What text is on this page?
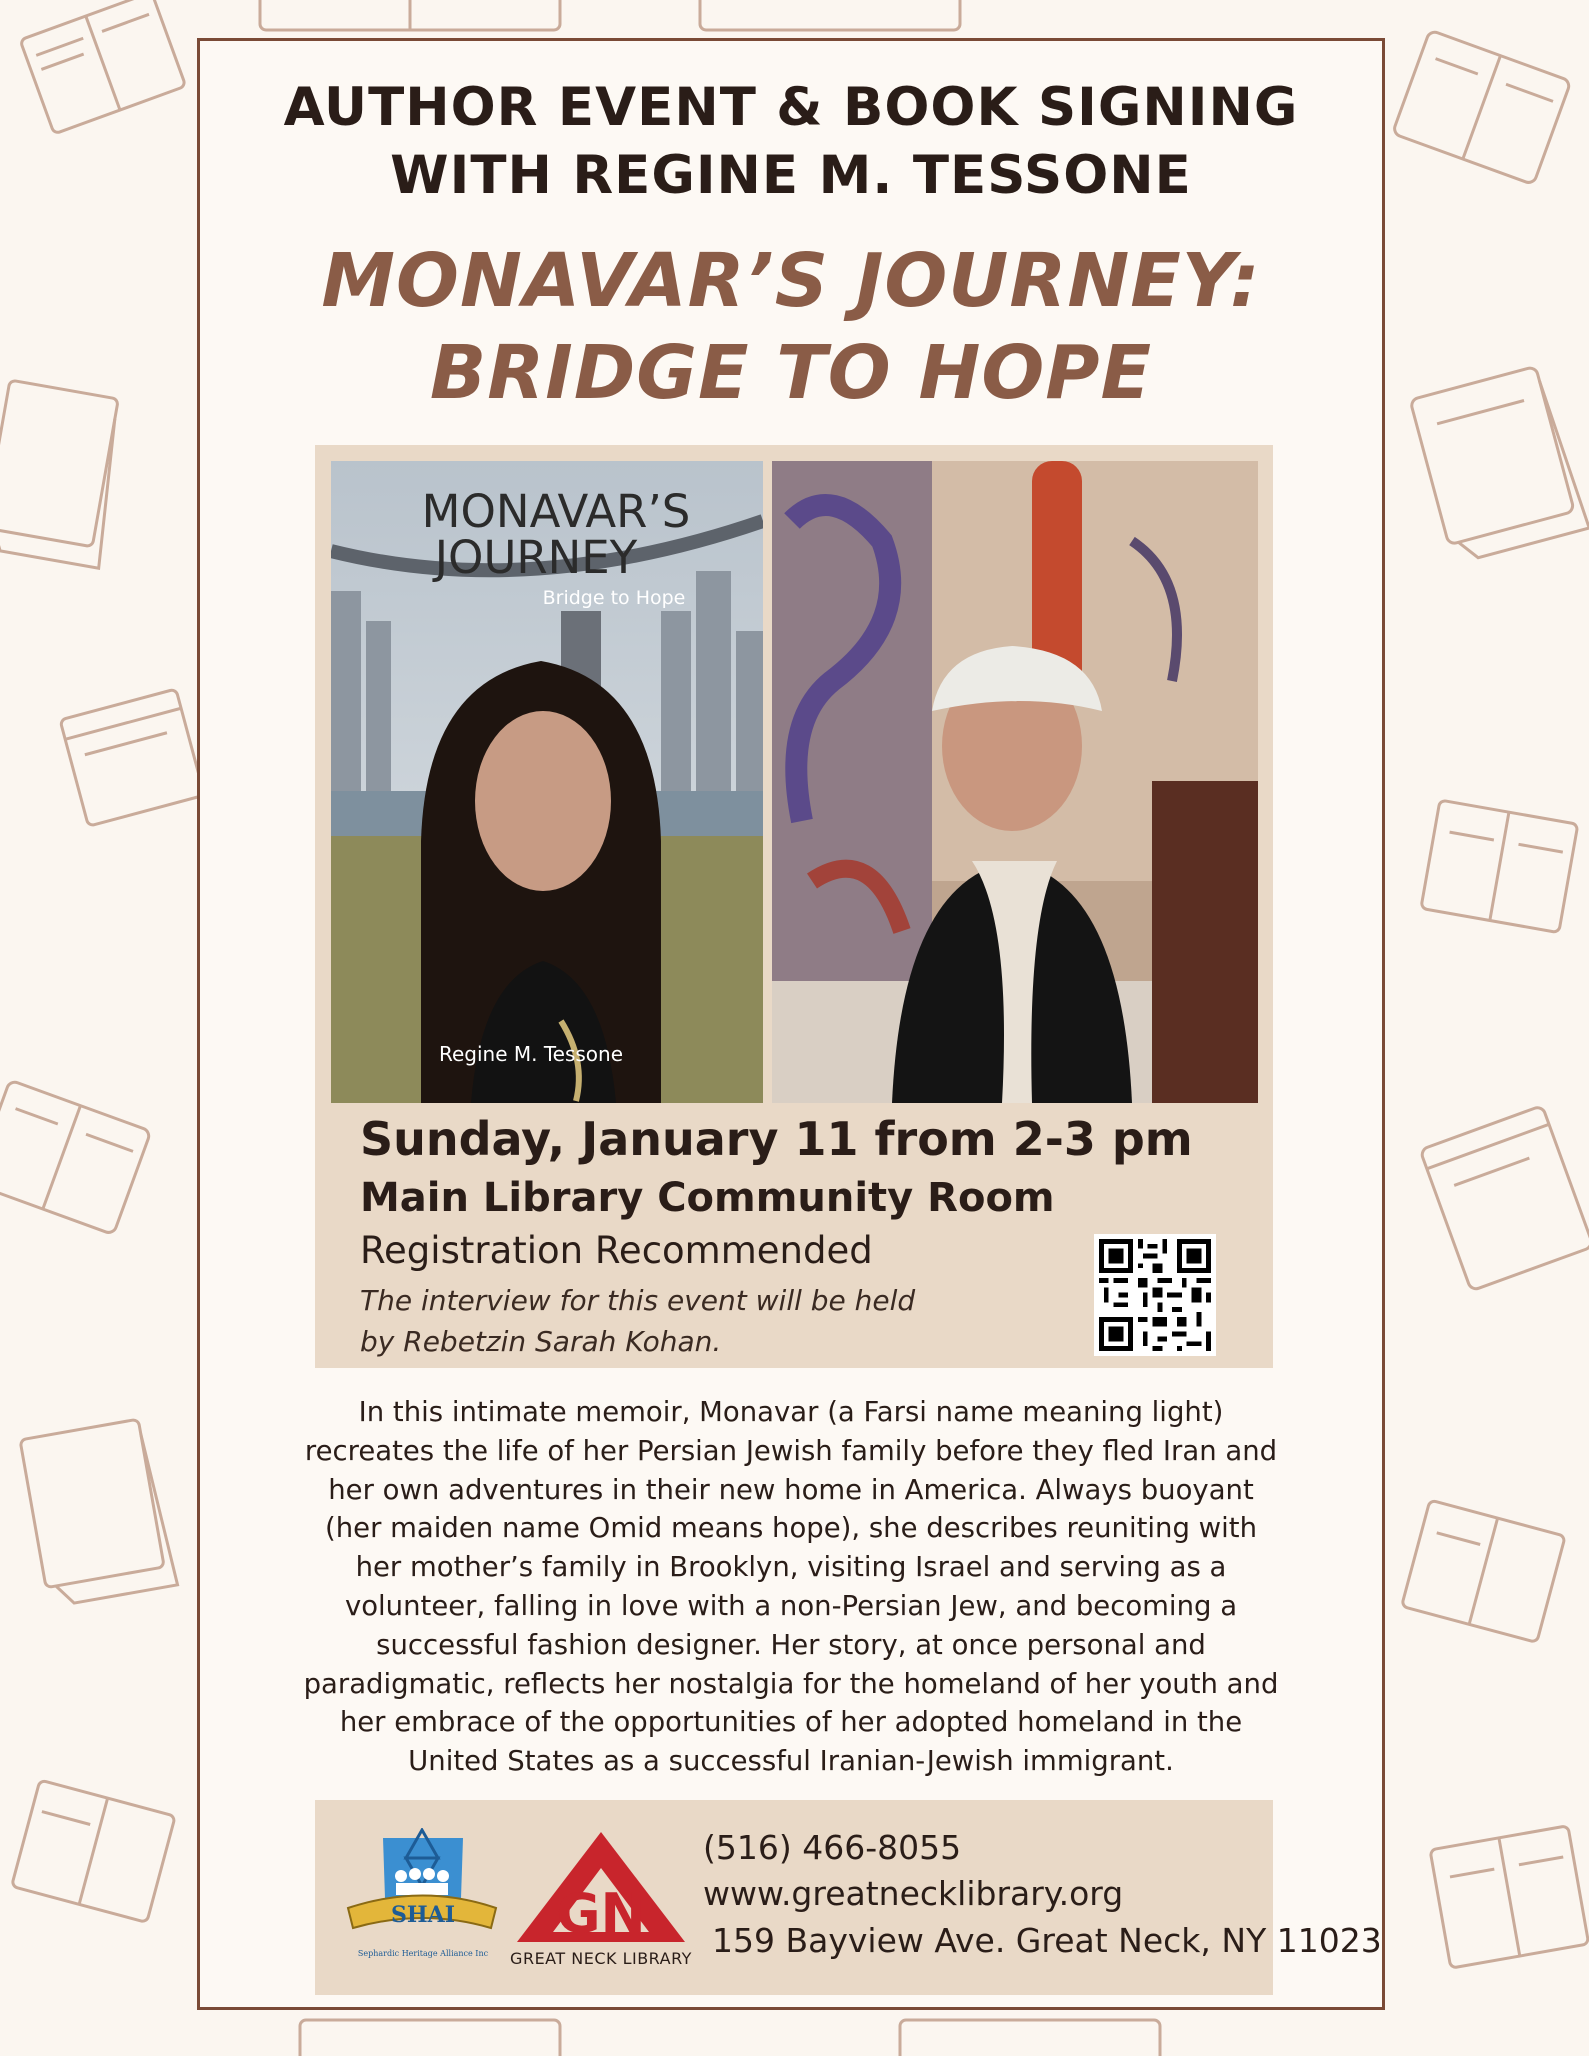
AUTHOR EVENT & BOOK SIGNING
WITH REGINE M. TESSONE
MONAVAR’S JOURNEY:
BRIDGE TO HOPE
MONAVAR’S
JOURNEY
Bridge to Hope
Regine M. Tessone
Sunday, January 11 from 2-3 pm
Main Library Community Room
Registration Recommended
The interview for this event will be held
by Rebetzin Sarah Kohan.
In this intimate memoir, Monavar (a Farsi name meaning light)
recreates the life of her Persian Jewish family before they fled Iran and
her own adventures in their new home in America. Always buoyant
(her maiden name Omid means hope), she describes reuniting with
her mother’s family in Brooklyn, visiting Israel and serving as a
volunteer, falling in love with a non-Persian Jew, and becoming a
successful fashion designer. Her story, at once personal and
paradigmatic, reflects her nostalgia for the homeland of her youth and
her embrace of the opportunities of her adopted homeland in the
United States as a successful Iranian-Jewish immigrant.
SHAI
Sephardic Heritage Alliance Inc
GN
GREAT NECK LIBRARY
(516) 466-8055
www.greatnecklibrary.org
159 Bayview Ave. Great Neck, NY 11023
